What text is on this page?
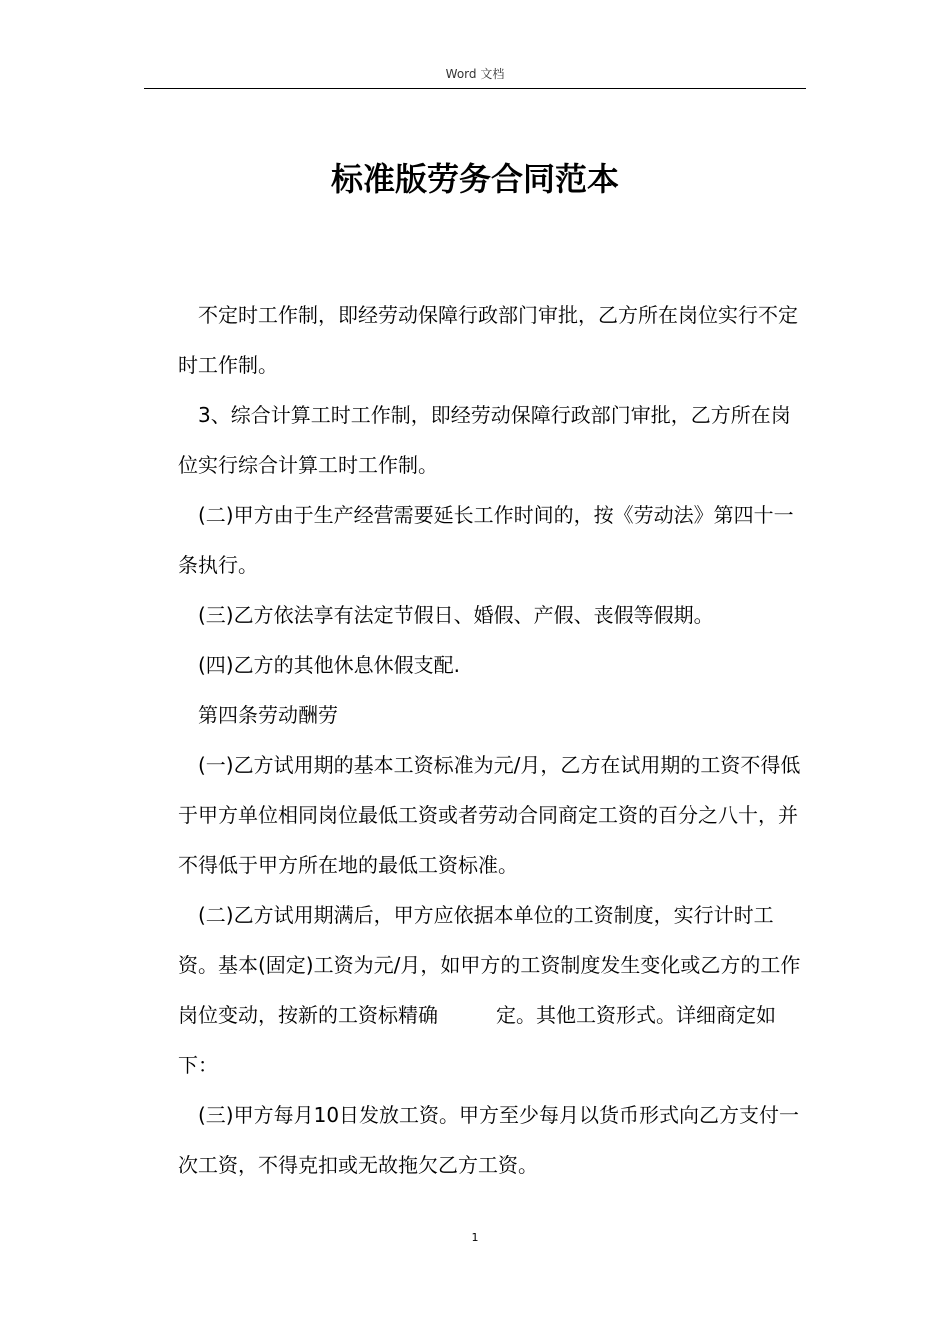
Word 文档
标准版劳务合同范本

不定时工作制，即经劳动保障行政部门审批，乙方所在岗位实行不定时工作制。

3、综合计算工时工作制，即经劳动保障行政部门审批，乙方所在岗位实行综合计算工时工作制。

(二)甲方由于生产经营需要延长工作时间的，按《劳动法》第四十一条执行。

(三)乙方依法享有法定节假日、婚假、产假、丧假等假期。

(四)乙方的其他休息休假支配.

第四条劳动酬劳

(一)乙方试用期的基本工资标准为元/月，乙方在试用期的工资不得低于甲方单位相同岗位最低工资或者劳动合同商定工资的百分之八十，并不得低于甲方所在地的最低工资标准。

(二)乙方试用期满后，甲方应依据本单位的工资制度，实行计时工资。基本(固定)工资为元/月，如甲方的工资制度发生变化或乙方的工作岗位变动，按新的工资标精确	定。其他工资形式。详细商定如下：

(三)甲方每月10日发放工资。甲方至少每月以货币形式向乙方支付一次工资，不得克扣或无故拖欠乙方工资。

1
